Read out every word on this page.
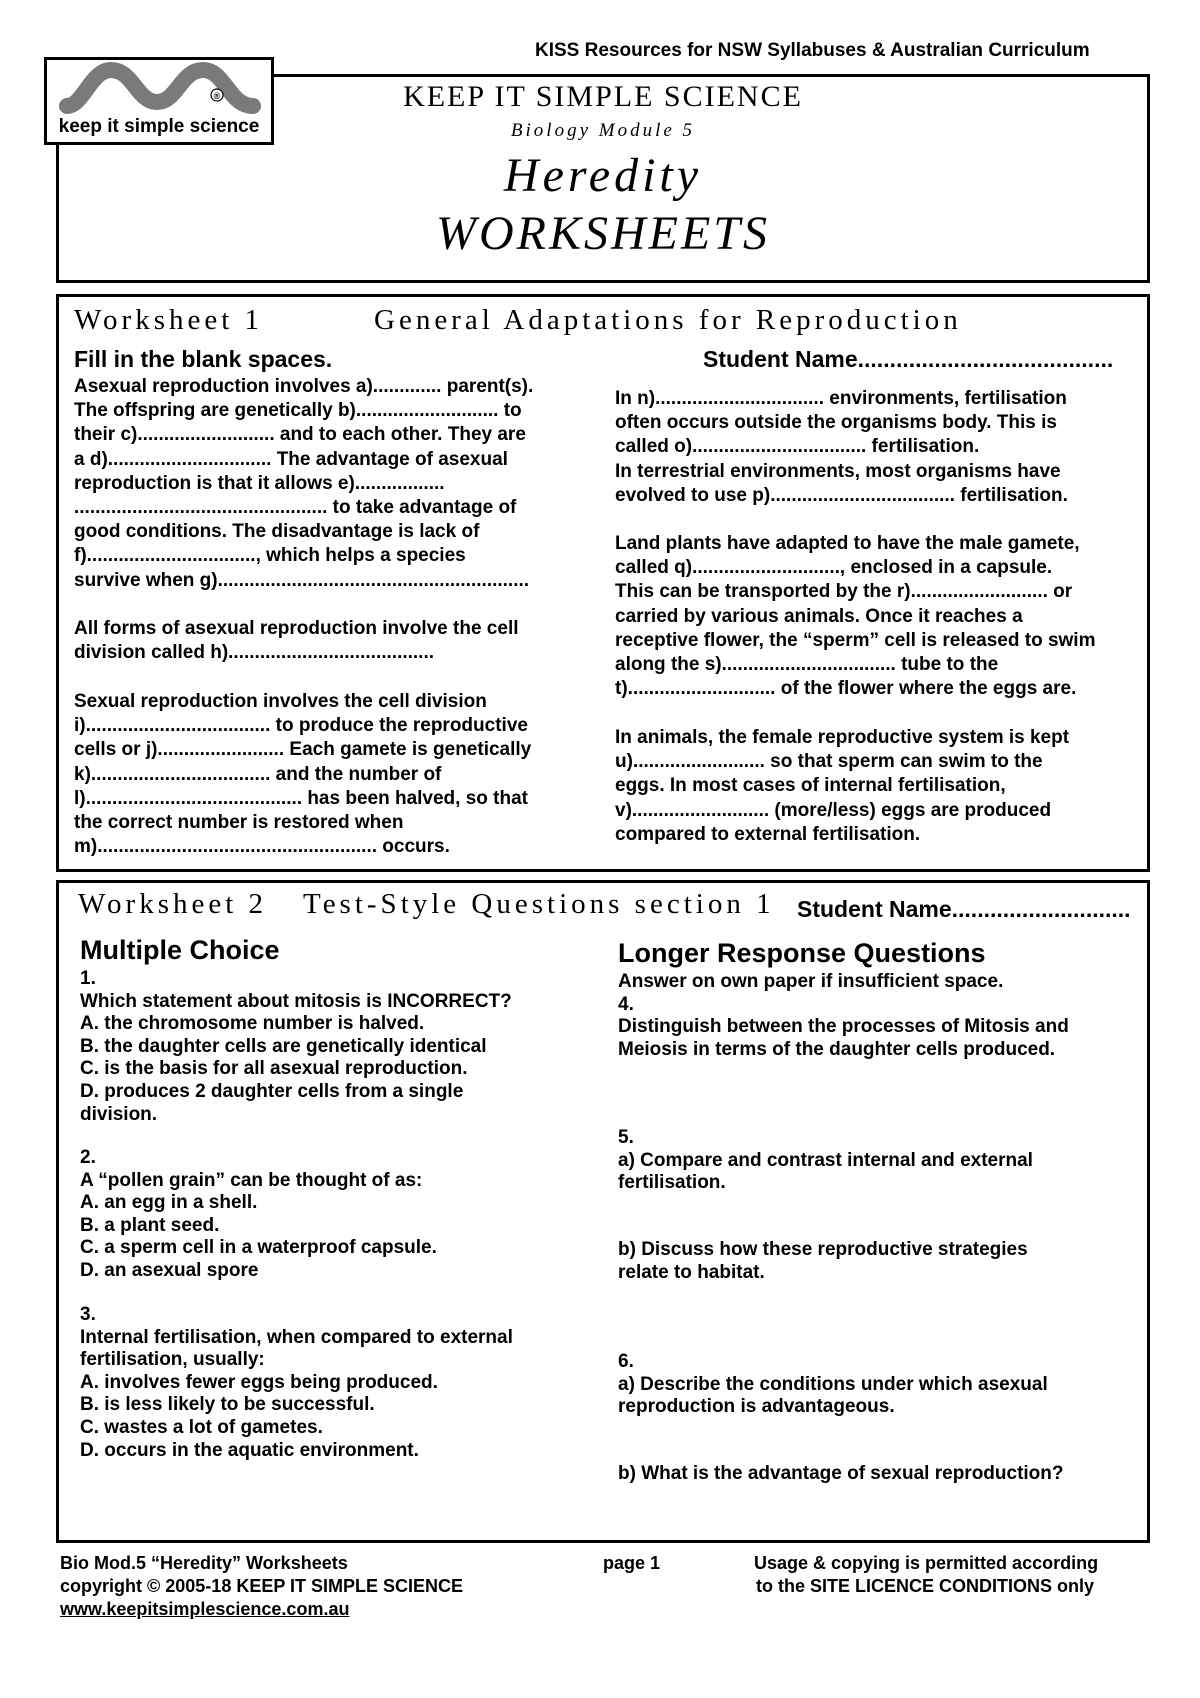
KISS Resources for NSW Syllabuses & Australian Curriculum
KEEP IT SIMPLE SCIENCE
Biology Module 5
Heredity
WORKSHEETS
®
keep it simple science
Worksheet 1	General Adaptations for Reproduction
Fill in the blank spaces.	Student Name........................................
Asexual reproduction involves a)............. parent(s).
The offspring are genetically b)........................... to
their c).......................... and to each other. They are
a d)............................... The advantage of asexual
reproduction is that it allows e).................
................................................ to take advantage of
good conditions. The disadvantage is lack of
f)................................, which helps a species
survive when g)...........................................................
All forms of asexual reproduction involve the cell
division called h).......................................
Sexual reproduction involves the cell division
i)................................... to produce the reproductive
cells or j)........................ Each gamete is genetically
k).................................. and the number of
l)......................................... has been halved, so that
the correct number is restored when
m)..................................................... occurs.
In n)................................ environments, fertilisation
often occurs outside the organisms body. This is
called o)................................. fertilisation.
In terrestrial environments, most organisms have
evolved to use p)................................... fertilisation.
Land plants have adapted to have the male gamete,
called q)............................, enclosed in a capsule.
This can be transported by the r).......................... or
carried by various animals. Once it reaches a
receptive flower, the “sperm” cell is released to swim
along the s)................................. tube to the
t)............................ of the flower where the eggs are.
In animals, the female reproductive system is kept
u)......................... so that sperm can swim to the
eggs. In most cases of internal fertilisation,
v).......................... (more/less) eggs are produced
compared to external fertilisation.
Worksheet 2 Test-Style Questions section 1 Student Name............................
Multiple Choice
1.
Which statement about mitosis is INCORRECT?
A. the chromosome number is halved.
B. the daughter cells are genetically identical
C. is the basis for all asexual reproduction.
D. produces 2 daughter cells from a single
division.
2.
A “pollen grain” can be thought of as:
A. an egg in a shell.
B. a plant seed.
C. a sperm cell in a waterproof capsule.
D. an asexual spore
3.
Internal fertilisation, when compared to external
fertilisation, usually:
A. involves fewer eggs being produced.
B. is less likely to be successful.
C. wastes a lot of gametes.
D. occurs in the aquatic environment.
Longer Response Questions
Answer on own paper if insufficient space.
4.
Distinguish between the processes of Mitosis and
Meiosis in terms of the daughter cells produced.
5.
a) Compare and contrast internal and external
fertilisation.
b) Discuss how these reproductive strategies
relate to habitat.
6.
a) Describe the conditions under which asexual
reproduction is advantageous.
b) What is the advantage of sexual reproduction?
Bio Mod.5 “Heredity” Worksheets
copyright © 2005-18 KEEP IT SIMPLE SCIENCE
www.keepitsimplescience.com.au
page 1	Usage & copying is permitted according
to the SITE LICENCE CONDITIONS only
